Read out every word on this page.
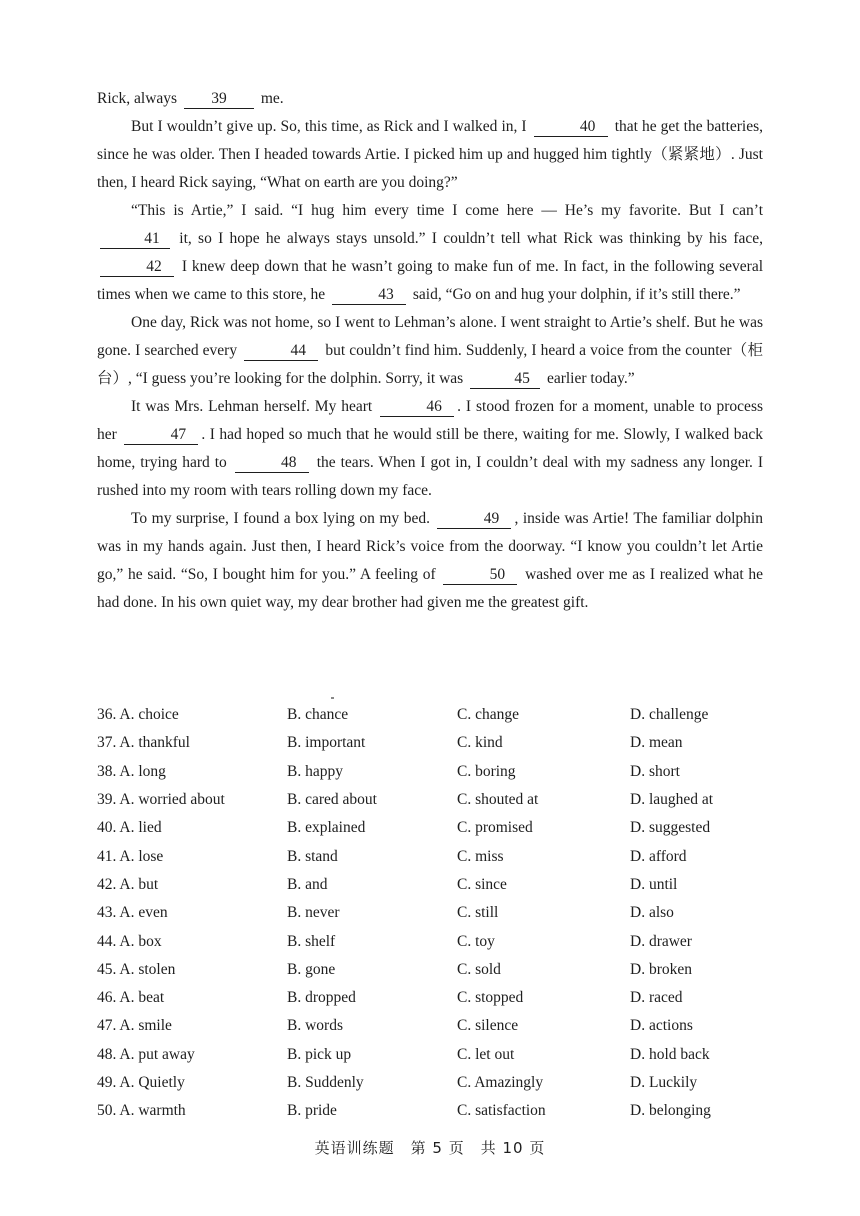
Rick, always 39 me.

But I wouldn’t give up. So, this time, as Rick and I walked in, I	40 that he get the batteries, since he was older. Then I headed towards Artie. I picked him up and hugged him tightly（紧紧地）. Just then, I heard Rick saying, “What on earth are you doing?”

“This is Artie,” I said. “I hug him every time I come here — He’s my favorite. But I can’t 41 it, so I hope he always stays unsold.” I couldn’t tell what Rick was thinking by his face, 42 I knew deep down that he wasn’t going to make fun of me. In fact, in the following several times when we came to this store, he	43 said, “Go on and hug your dolphin, if it’s still there.”

One day, Rick was not home, so I went to Lehman’s alone. I went straight to Artie’s shelf. But he was gone. I searched every	44 but couldn’t find him. Suddenly, I heard a voice from the counter（柜台）, “I guess you’re looking for the dolphin. Sorry, it was	45 earlier today.”

It was Mrs. Lehman herself. My heart	46 . I stood frozen for a moment, unable to process her	47 . I had hoped so much that he would still be there, waiting for me. Slowly, I walked back home, trying hard to	48 the tears. When I got in, I couldn’t deal with my sadness any longer. I rushed into my room with tears rolling down my face.

To my surprise, I found a box lying on my bed.	49 , inside was Artie! The familiar dolphin was in my hands again. Just then, I heard Rick’s voice from the doorway. “I know you couldn’t let Artie go,” he said. “So, I bought him for you.” A feeling of	50 washed over me as I realized what he had done. In his own quiet way, my dear brother had given me the greatest gift.

36. A. choice	B. chance	C. change	D. challenge
37. A. thankful	B. important	C. kind	D. mean
38. A. long	B. happy	C. boring	D. short
39. A. worried about	B. cared about	C. shouted at	D. laughed at
40. A. lied	B. explained	C. promised	D. suggested
41. A. lose	B. stand	C. miss	D. afford
42. A. but	B. and	C. since	D. until
43. A. even	B. never	C. still	D. also
44. A. box	B. shelf	C. toy	D. drawer
45. A. stolen	B. gone	C. sold	D. broken
46. A. beat	B. dropped	C. stopped	D. raced
47. A. smile	B. words	C. silence	D. actions
48. A. put away	B. pick up	C. let out	D. hold back
49. A. Quietly	B. Suddenly	C. Amazingly	D. Luckily
50. A. warmth	B. pride	C. satisfaction	D. belonging
英语训练题　第 5 页　共 10 页
